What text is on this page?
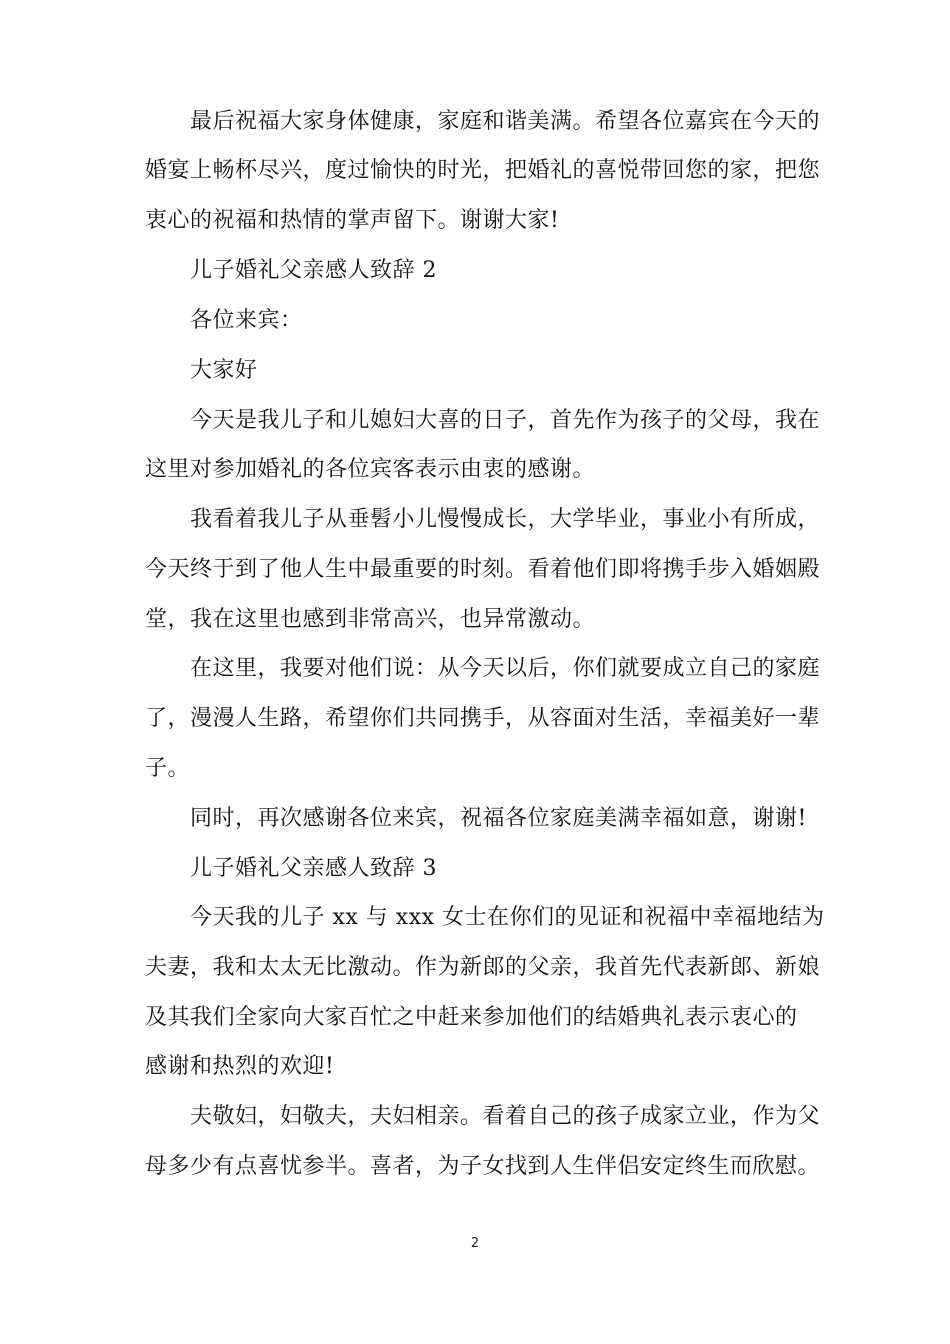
最后祝福大家身体健康，家庭和谐美满。希望各位嘉宾在今天的
婚宴上畅杯尽兴，度过愉快的时光，把婚礼的喜悦带回您的家，把您
衷心的祝福和热情的掌声留下。谢谢大家!
儿子婚礼父亲感人致辞 2
各位来宾：
大家好
今天是我儿子和儿媳妇大喜的日子，首先作为孩子的父母，我在
这里对参加婚礼的各位宾客表示由衷的感谢。
我看着我儿子从垂髫小儿慢慢成长，大学毕业，事业小有所成，
今天终于到了他人生中最重要的时刻。看着他们即将携手步入婚姻殿
堂，我在这里也感到非常高兴，也异常激动。
在这里，我要对他们说：从今天以后，你们就要成立自己的家庭
了，漫漫人生路，希望你们共同携手，从容面对生活，幸福美好一辈
子。
同时，再次感谢各位来宾，祝福各位家庭美满幸福如意，谢谢!
儿子婚礼父亲感人致辞 3
今天我的儿子 xx 与 xxx 女士在你们的见证和祝福中幸福地结为
夫妻，我和太太无比激动。作为新郎的父亲，我首先代表新郎、新娘
及其我们全家向大家百忙之中赶来参加他们的结婚典礼表示衷心的
感谢和热烈的欢迎!
夫敬妇，妇敬夫，夫妇相亲。看着自己的孩子成家立业，作为父
母多少有点喜忧参半。喜者，为子女找到人生伴侣安定终生而欣慰。
2
